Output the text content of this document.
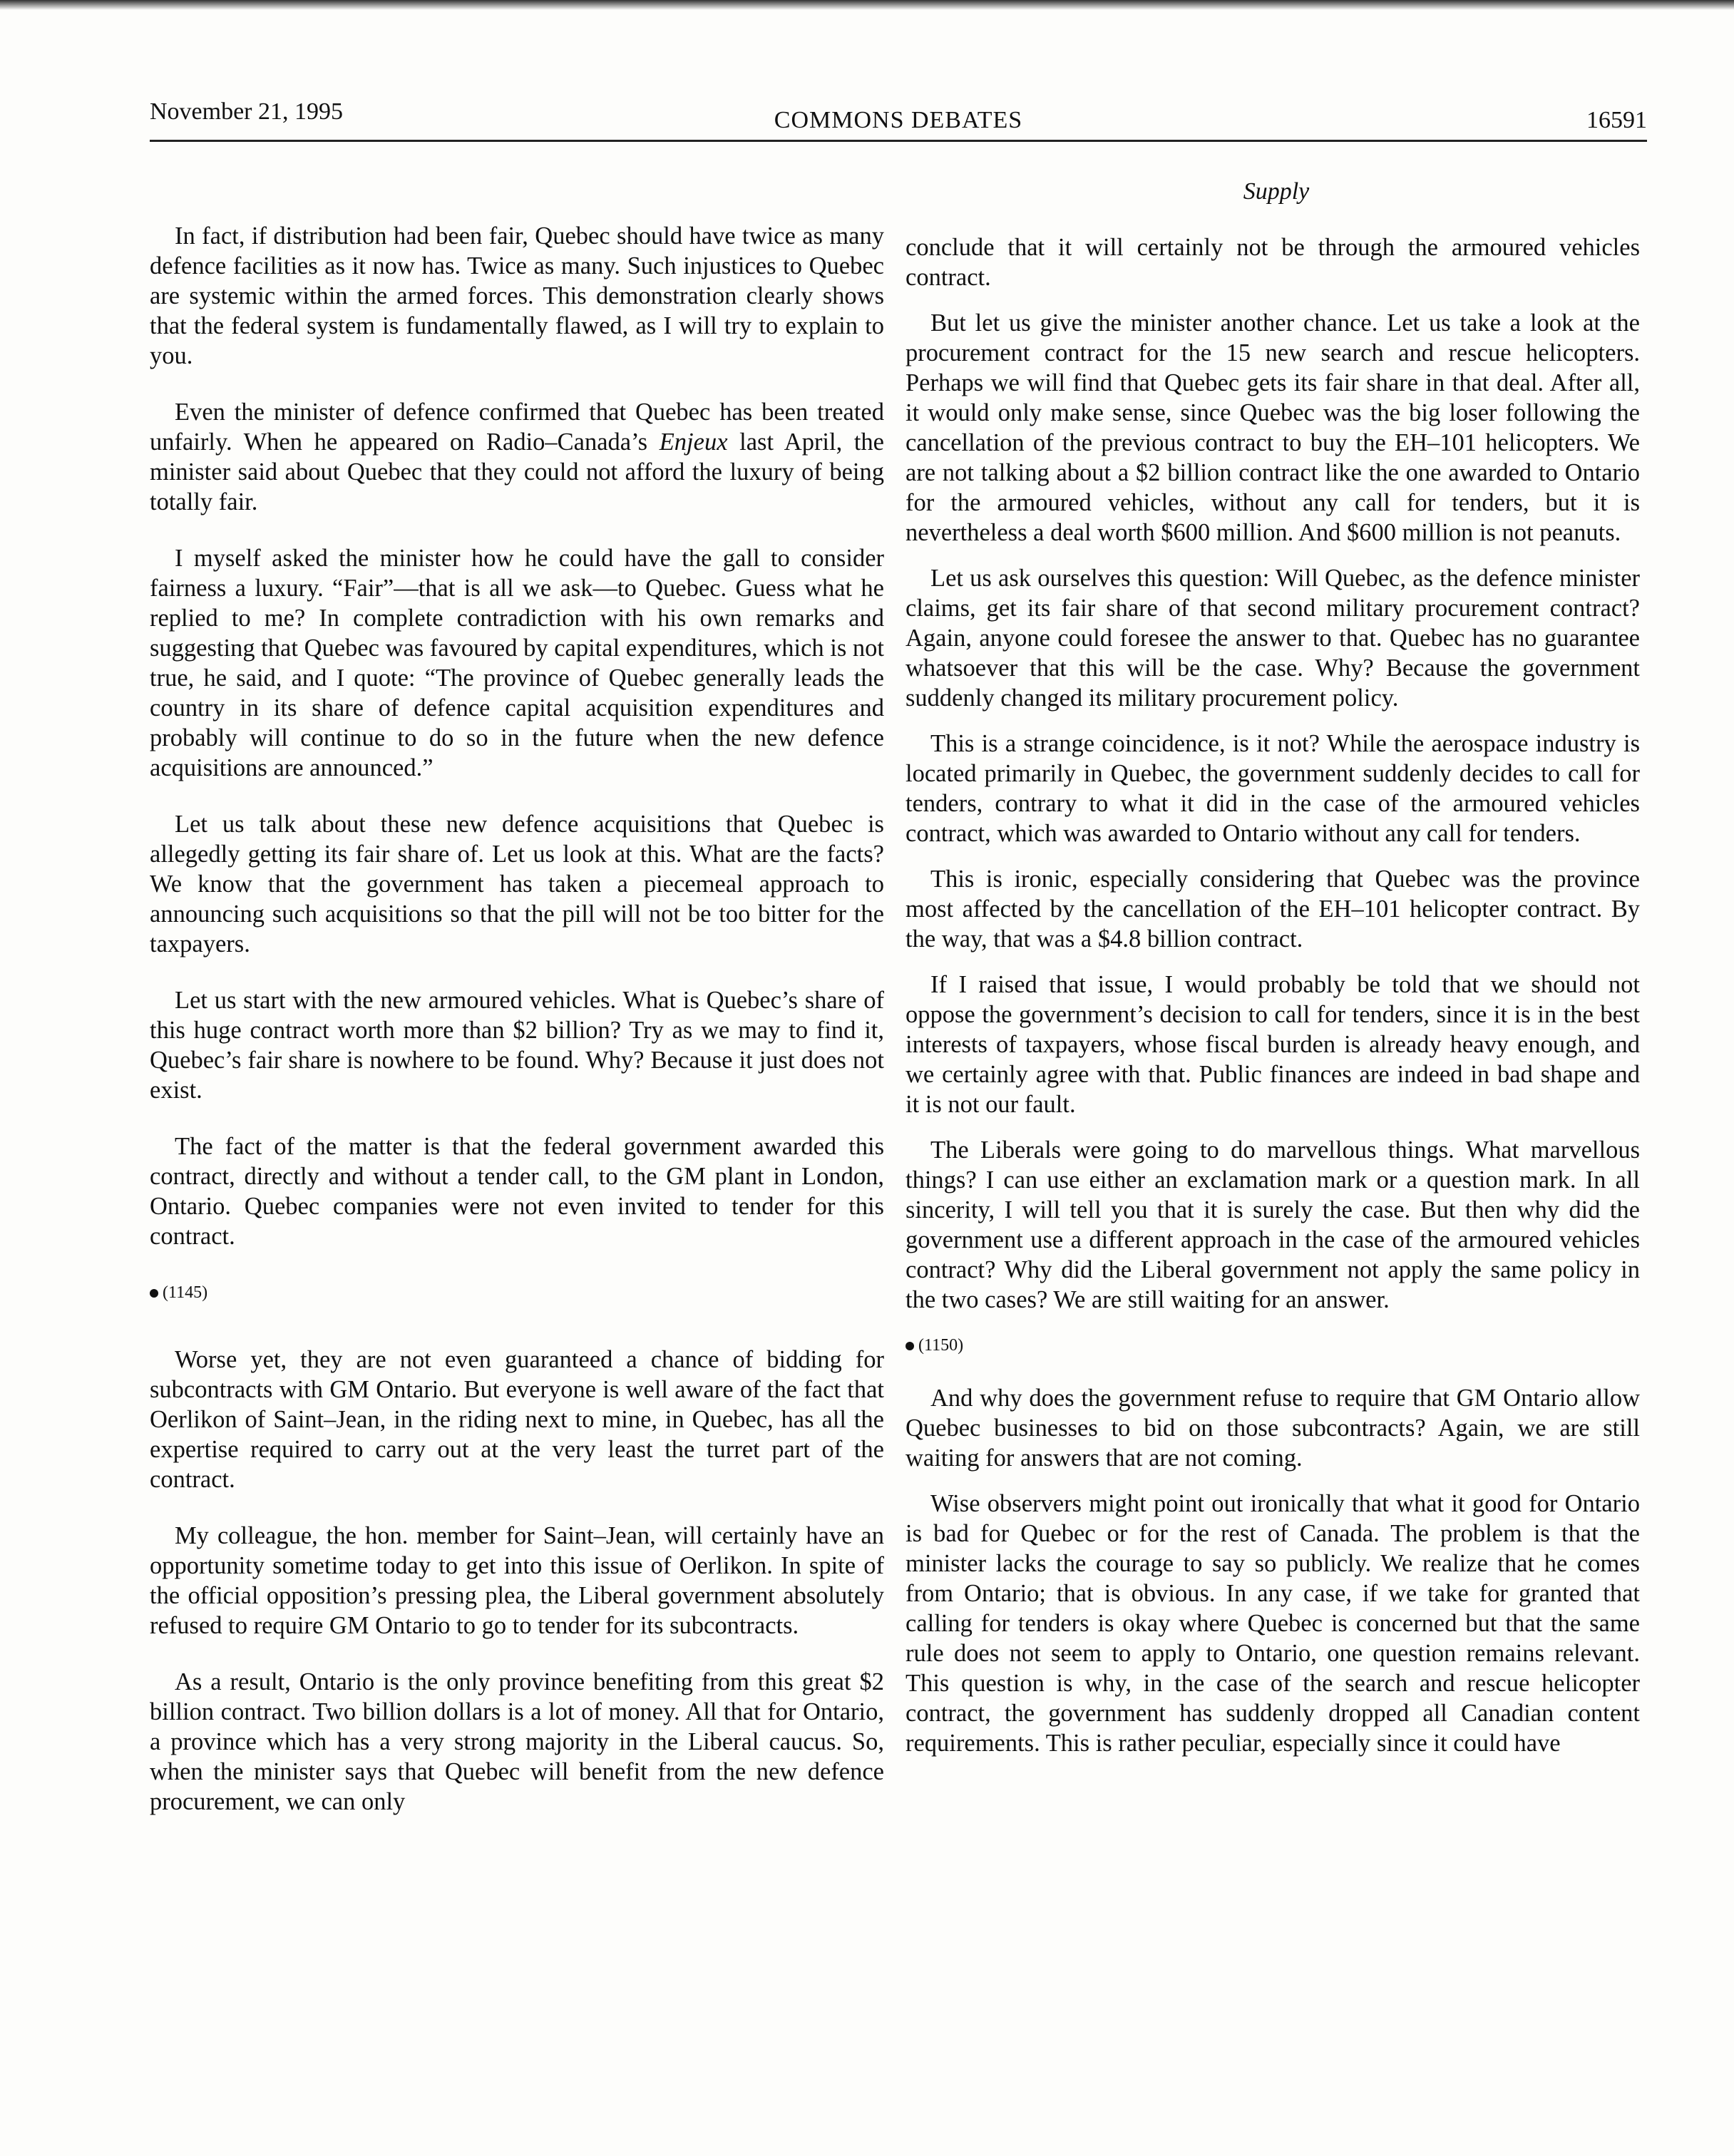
November 21, 1995	COMMONS DEBATES	16591
Supply

In fact, if distribution had been fair, Quebec should have twice as many defence facilities as it now has. Twice as many. Such injustices to Quebec are systemic within the armed forces. This demonstration clearly shows that the federal system is fundamentally flawed, as I will try to explain to you.

Even the minister of defence confirmed that Quebec has been treated unfairly. When he appeared on Radio–Canada’s Enjeux last April, the minister said about Quebec that they could not afford the luxury of being totally fair.

I myself asked the minister how he could have the gall to consider fairness a luxury. “Fair”—that is all we ask—to Quebec. Guess what he replied to me? In complete contradiction with his own remarks and suggesting that Quebec was favoured by capital expenditures, which is not true, he said, and I quote: “The province of Quebec generally leads the country in its share of defence capital acquisition expenditures and probably will continue to do so in the future when the new defence acquisitions are announced.”

Let us talk about these new defence acquisitions that Quebec is allegedly getting its fair share of. Let us look at this. What are the facts? We know that the government has taken a piecemeal approach to announcing such acquisitions so that the pill will not be too bitter for the taxpayers.

Let us start with the new armoured vehicles. What is Quebec’s share of this huge contract worth more than $2 billion? Try as we may to find it, Quebec’s fair share is nowhere to be found. Why? Because it just does not exist.

The fact of the matter is that the federal government awarded this contract, directly and without a tender call, to the GM plant in London, Ontario. Quebec companies were not even invited to tender for this contract.

(1145)

Worse yet, they are not even guaranteed a chance of bidding for subcontracts with GM Ontario. But everyone is well aware of the fact that Oerlikon of Saint–Jean, in the riding next to mine, in Quebec, has all the expertise required to carry out at the very least the turret part of the contract.

My colleague, the hon. member for Saint–Jean, will certainly have an opportunity sometime today to get into this issue of Oerlikon. In spite of the official opposition’s pressing plea, the Liberal government absolutely refused to require GM Ontario to go to tender for its subcontracts.

As a result, Ontario is the only province benefiting from this great $2 billion contract. Two billion dollars is a lot of money. All that for Ontario, a province which has a very strong majority in the Liberal caucus. So, when the minister says that Quebec will benefit from the new defence procurement, we can only

conclude that it will certainly not be through the armoured vehicles contract.

But let us give the minister another chance. Let us take a look at the procurement contract for the 15 new search and rescue helicopters. Perhaps we will find that Quebec gets its fair share in that deal. After all, it would only make sense, since Quebec was the big loser following the cancellation of the previous contract to buy the EH–101 helicopters. We are not talking about a $2 billion contract like the one awarded to Ontario for the armoured vehicles, without any call for tenders, but it is nevertheless a deal worth $600 million. And $600 million is not peanuts.

Let us ask ourselves this question: Will Quebec, as the defence minister claims, get its fair share of that second military procurement contract? Again, anyone could foresee the answer to that. Quebec has no guarantee whatsoever that this will be the case. Why? Because the government suddenly changed its military procurement policy.

This is a strange coincidence, is it not? While the aerospace industry is located primarily in Quebec, the government suddenly decides to call for tenders, contrary to what it did in the case of the armoured vehicles contract, which was awarded to Ontario without any call for tenders.

This is ironic, especially considering that Quebec was the province most affected by the cancellation of the EH–101 helicopter contract. By the way, that was a $4.8 billion contract.

If I raised that issue, I would probably be told that we should not oppose the government’s decision to call for tenders, since it is in the best interests of taxpayers, whose fiscal burden is already heavy enough, and we certainly agree with that. Public finances are indeed in bad shape and it is not our fault.

The Liberals were going to do marvellous things. What marvellous things? I can use either an exclamation mark or a question mark. In all sincerity, I will tell you that it is surely the case. But then why did the government use a different approach in the case of the armoured vehicles contract? Why did the Liberal government not apply the same policy in the two cases? We are still waiting for an answer.

(1150)

And why does the government refuse to require that GM Ontario allow Quebec businesses to bid on those subcontracts? Again, we are still waiting for answers that are not coming.

Wise observers might point out ironically that what it good for Ontario is bad for Quebec or for the rest of Canada. The problem is that the minister lacks the courage to say so publicly. We realize that he comes from Ontario; that is obvious. In any case, if we take for granted that calling for tenders is okay where Quebec is concerned but that the same rule does not seem to apply to Ontario, one question remains relevant. This question is why, in the case of the search and rescue helicopter contract, the government has suddenly dropped all Canadian content requirements. This is rather peculiar, especially since it could have
